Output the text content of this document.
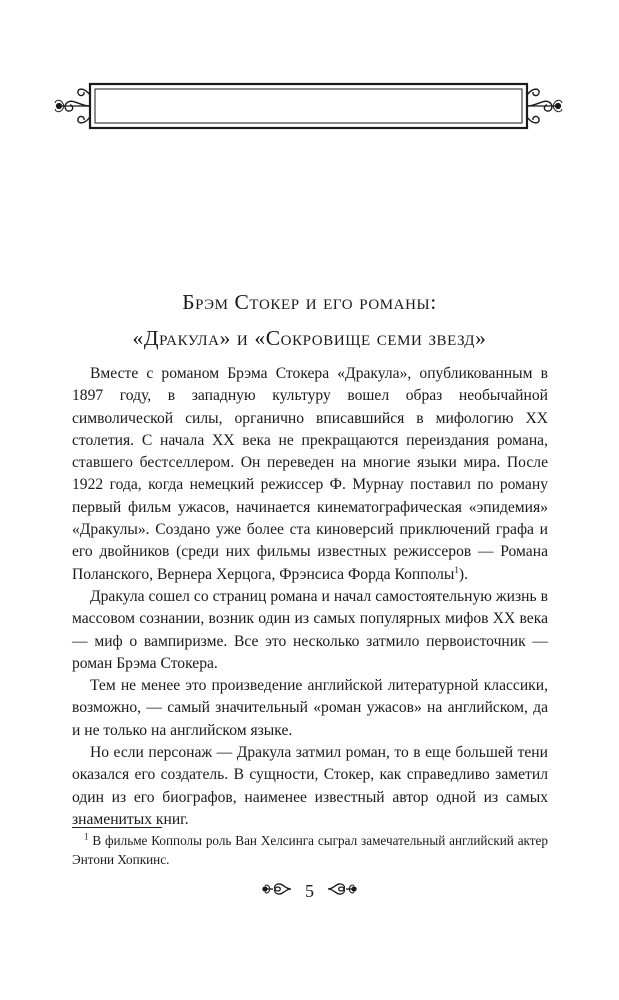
Брэм Стокер и его романы:
«Дракула» и «Сокровище семи звезд»

Вместе с романом Брэма Стокера «Дракула», опубликованным в 1897 году, в западную культуру вошел образ необычайной символической силы, органично вписавшийся в мифологию XX столетия. С начала XX века не прекращаются переиздания романа, ставшего бестселлером. Он переведен на многие языки мира. После 1922 года, когда немецкий режиссер Ф. Мурнау поставил по роману первый фильм ужасов, начинается кинематографическая «эпидемия» «Дракулы». Создано уже более ста киноверсий приключений графа и его двойников (среди них фильмы известных режиссеров — Романа Поланского, Вернера Херцога, Фрэнсиса Форда Копполы$^1$).

Дракула сошел со страниц романа и начал самостоятельную жизнь в массовом сознании, возник один из самых популярных мифов XX века — миф о вампиризме. Все это несколько затмило первоисточник — роман Брэма Стокера.

Тем не менее это произведение английской литературной классики, возможно, — самый значительный «роман ужасов» на английском, да и не только на английском языке.

Но если персонаж — Дракула затмил роман, то в еще большей тени оказался его создатель. В сущности, Стокер, как справедливо заметил один из его биографов, наименее известный автор одной из самых знаменитых книг.

$^1$ В фильме Копполы роль Ван Хелсинга сыграл замечательный английский актер Энтони Хопкинс.

5
